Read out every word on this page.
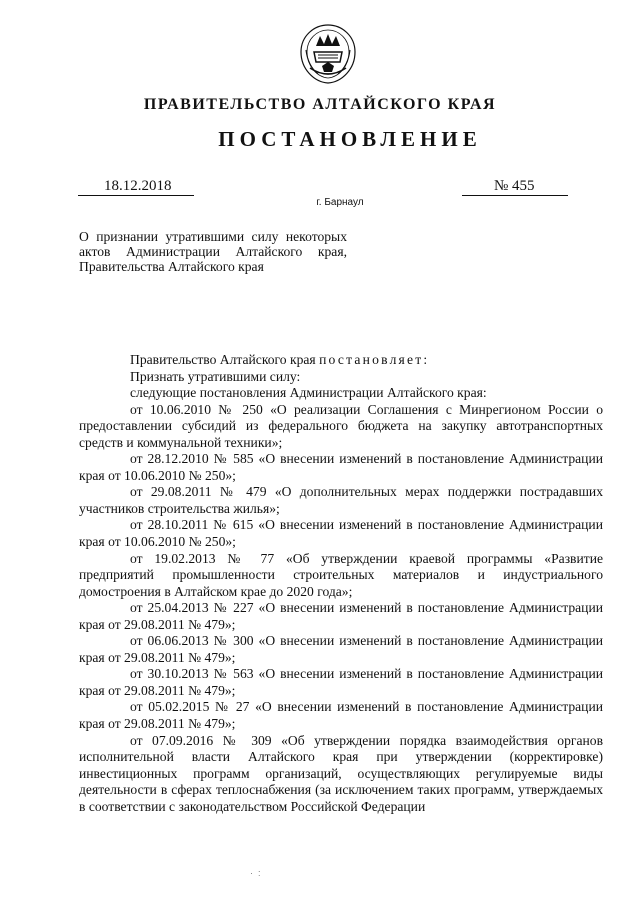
ПРАВИТЕЛЬСТВО АЛТАЙСКОГО КРАЯ
ПОСТАНОВЛЕНИЕ
18.12.2018	№ 455
г. Барнаул
О признании утратившими силу некоторых актов Администрации Алтайского края, Правительства Алтайского края
Правительство Алтайского края постановляет:
Признать утратившими силу:
следующие постановления Администрации Алтайского края:
от 10.06.2010 № 250 «О реализации Соглашения с Минрегионом России о предоставлении субсидий из федерального бюджета на закупку автотранспортных средств и коммунальной техники»;
от 28.12.2010 № 585 «О внесении изменений в постановление Администрации края от 10.06.2010 № 250»;
от 29.08.2011 № 479 «О дополнительных мерах поддержки пострадавших участников строительства жилья»;
от 28.10.2011 № 615 «О внесении изменений в постановление Администрации края от 10.06.2010 № 250»;
от 19.02.2013 № 77 «Об утверждении краевой программы «Развитие предприятий промышленности строительных материалов и индустриального домостроения в Алтайском крае до 2020 года»;
от 25.04.2013 № 227 «О внесении изменений в постановление Администрации края от 29.08.2011 № 479»;
от 06.06.2013 № 300 «О внесении изменений в постановление Администрации края от 29.08.2011 № 479»;
от 30.10.2013 № 563 «О внесении изменений в постановление Администрации края от 29.08.2011 № 479»;
от 05.02.2015 № 27 «О внесении изменений в постановление Администрации края от 29.08.2011 № 479»;
от 07.09.2016 № 309 «Об утверждении порядка взаимодействия органов исполнительной власти Алтайского края при утверждении (корректировке) инвестиционных программ организаций, осуществляющих регулируемые виды деятельности в сферах теплоснабжения (за исключением таких программ, утверждаемых в соответствии с законодательством Российской Федерации
·  :
